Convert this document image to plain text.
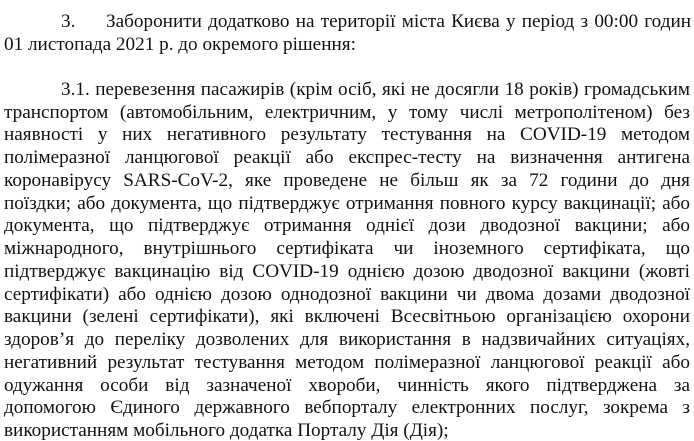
3. Заборонити додатково на території міста Києва у період з 00:00 годин
01 листопада 2021 р. до окремого рішення:
3.1. перевезення пасажирів (крім осіб, які не досягли 18 років) громадським
транспортом (автомобільним, електричним, у тому числі метрополітеном) без
наявності у них негативного результату тестування на COVID-19 методом
полімеразної ланцюгової реакції або експрес-тесту на визначення антигена
коронавірусу SARS-CoV-2, яке проведене не більш як за 72 години до дня
поїздки; або документа, що підтверджує отримання повного курсу вакцинації; або
документа, що підтверджує отримання однієї дози дводозної вакцини; або
міжнародного, внутрішнього сертифіката чи іноземного сертифіката, що
підтверджує вакцинацію від COVID-19 однією дозою дводозної вакцини (жовті
сертифікати) або однією дозою однодозної вакцини чи двома дозами дводозної
вакцини (зелені сертифікати), які включені Всесвітньою організацією охорони
здоров’я до переліку дозволених для використання в надзвичайних ситуаціях,
негативний результат тестування методом полімеразної ланцюгової реакції або
одужання особи від зазначеної хвороби, чинність якого підтверджена за
допомогою Єдиного державного вебпорталу електронних послуг, зокрема з
використанням мобільного додатка Порталу Дія (Дія);
